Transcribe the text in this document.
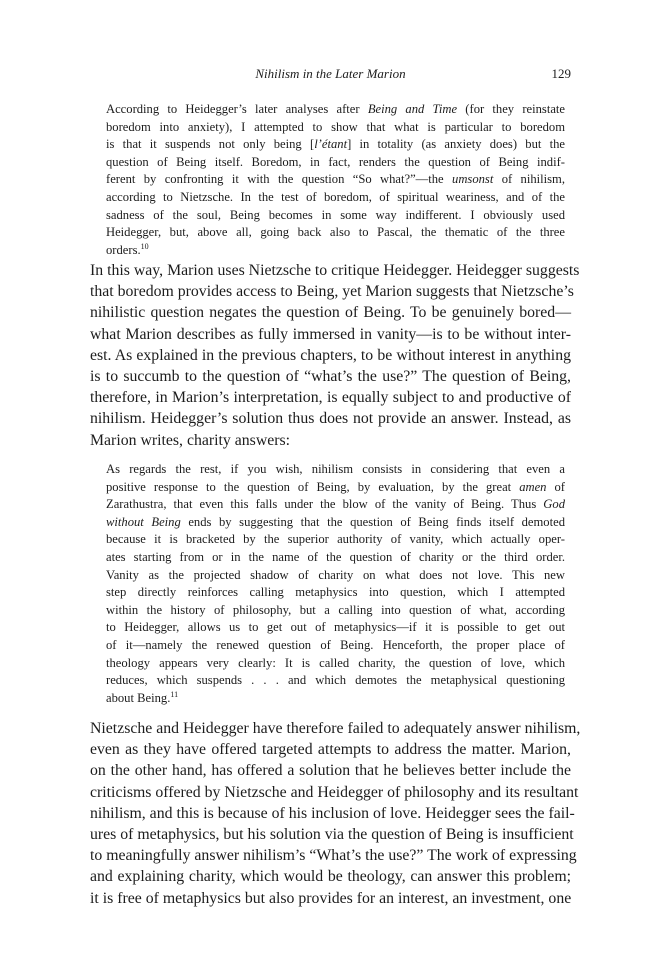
Nihilism in the Later Marion	129
According to Heidegger’s later analyses after Being and Time (for they reinstate
boredom into anxiety), I attempted to show that what is particular to boredom
is that it suspends not only being [l’étant] in totality (as anxiety does) but the
question of Being itself. Boredom, in fact, renders the question of Being indif-
ferent by confronting it with the question “So what?”—the umsonst of nihilism,
according to Nietzsche. In the test of boredom, of spiritual weariness, and of the
sadness of the soul, Being becomes in some way indifferent. I obviously used
Heidegger, but, above all, going back also to Pascal, the thematic of the three
orders.$^{10}$
In this way, Marion uses Nietzsche to critique Heidegger. Heidegger suggests
that boredom provides access to Being, yet Marion suggests that Nietzsche’s
nihilistic question negates the question of Being. To be genuinely bored—
what Marion describes as fully immersed in vanity—is to be without inter-
est. As explained in the previous chapters, to be without interest in anything
is to succumb to the question of “what’s the use?” The question of Being,
therefore, in Marion’s interpretation, is equally subject to and productive of
nihilism. Heidegger’s solution thus does not provide an answer. Instead, as
Marion writes, charity answers:
As regards the rest, if you wish, nihilism consists in considering that even a
positive response to the question of Being, by evaluation, by the great amen of
Zarathustra, that even this falls under the blow of the vanity of Being. Thus God
without Being ends by suggesting that the question of Being finds itself demoted
because it is bracketed by the superior authority of vanity, which actually oper-
ates starting from or in the name of the question of charity or the third order.
Vanity as the projected shadow of charity on what does not love. This new
step directly reinforces calling metaphysics into question, which I attempted
within the history of philosophy, but a calling into question of what, according
to Heidegger, allows us to get out of metaphysics—if it is possible to get out
of it—namely the renewed question of Being. Henceforth, the proper place of
theology appears very clearly: It is called charity, the question of love, which
reduces, which suspends . . . and which demotes the metaphysical questioning
about Being.$^{11}$
Nietzsche and Heidegger have therefore failed to adequately answer nihilism,
even as they have offered targeted attempts to address the matter. Marion,
on the other hand, has offered a solution that he believes better include the
criticisms offered by Nietzsche and Heidegger of philosophy and its resultant
nihilism, and this is because of his inclusion of love. Heidegger sees the fail-
ures of metaphysics, but his solution via the question of Being is insufficient
to meaningfully answer nihilism’s “What’s the use?” The work of expressing
and explaining charity, which would be theology, can answer this problem;
it is free of metaphysics but also provides for an interest, an investment, one
